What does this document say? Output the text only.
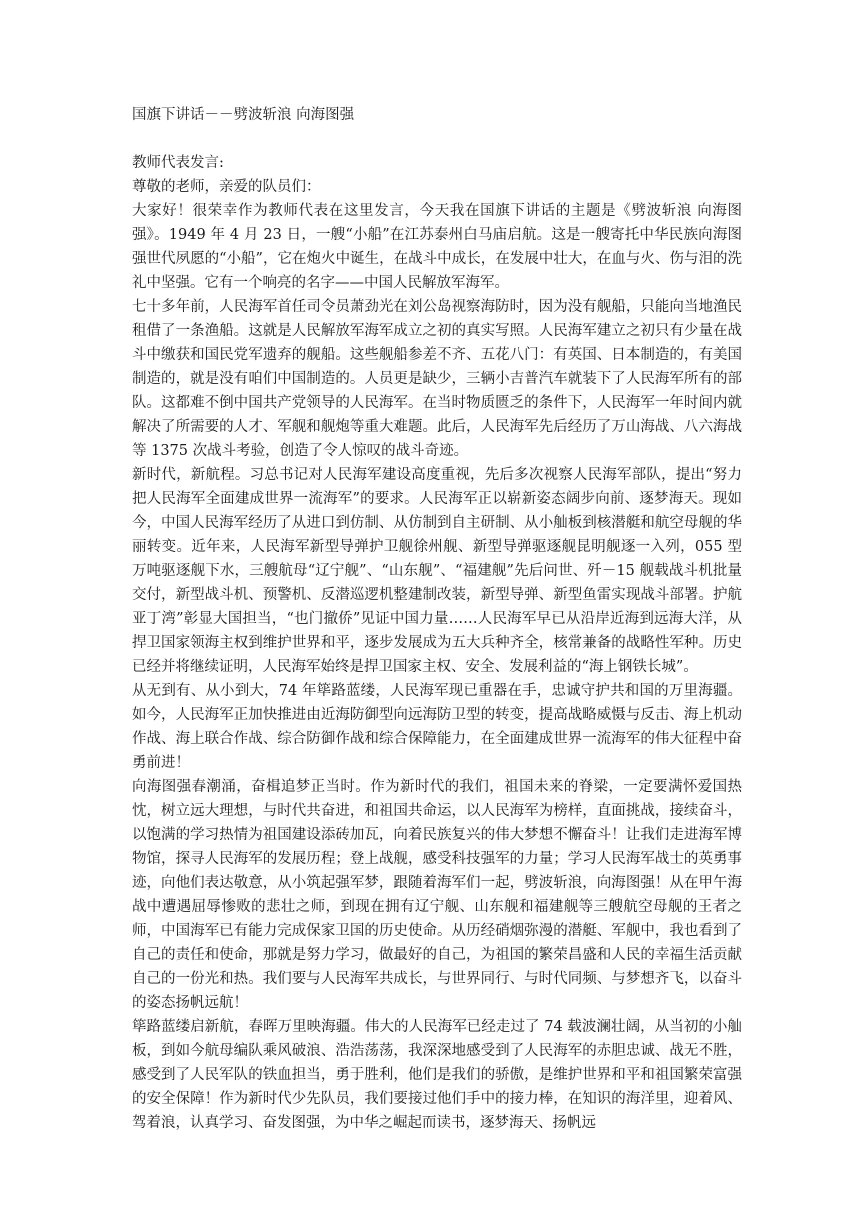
国旗下讲话－－劈波斩浪 向海图强

教师代表发言:

尊敬的老师，亲爱的队员们：

大家好！很荣幸作为教师代表在这里发言，今天我在国旗下讲话的主题是《劈波斩浪 向海图强》。1949 年 4 月 23 日，一艘“小船”在江苏泰州白马庙启航。这是一艘寄托中华民族向海图强世代夙愿的“小船”，它在炮火中诞生，在战斗中成长，在发展中壮大，在血与火、伤与泪的洗礼中坚强。它有一个响亮的名字——中国人民解放军海军。

七十多年前，人民海军首任司令员萧劲光在刘公岛视察海防时，因为没有舰船，只能向当地渔民租借了一条渔船。这就是人民解放军海军成立之初的真实写照。人民海军建立之初只有少量在战斗中缴获和国民党军遗弃的舰船。这些舰船参差不齐、五花八门：有英国、日本制造的，有美国制造的，就是没有咱们中国制造的。人员更是缺少，三辆小吉普汽车就装下了人民海军所有的部队。这都难不倒中国共产党领导的人民海军。在当时物质匮乏的条件下，人民海军一年时间内就解决了所需要的人才、军舰和舰炮等重大难题。此后，人民海军先后经历了万山海战、八六海战等 1375 次战斗考验，创造了令人惊叹的战斗奇迹。

新时代，新航程。习总书记对人民海军建设高度重视，先后多次视察人民海军部队，提出“努力把人民海军全面建成世界一流海军”的要求。人民海军正以崭新姿态阔步向前、逐梦海天。现如今，中国人民海军经历了从进口到仿制、从仿制到自主研制、从小舢板到核潜艇和航空母舰的华丽转变。近年来，人民海军新型导弹护卫舰徐州舰、新型导弹驱逐舰昆明舰逐一入列，055 型万吨驱逐舰下水，三艘航母“辽宁舰”、“山东舰”、“福建舰”先后问世、歼－15 舰载战斗机批量交付，新型战斗机、预警机、反潜巡逻机整建制改装，新型导弹、新型鱼雷实现战斗部署。护航亚丁湾”彰显大国担当，“也门撤侨”见证中国力量……人民海军早已从沿岸近海到远海大洋，从捍卫国家领海主权到维护世界和平，逐步发展成为五大兵种齐全，核常兼备的战略性军种。历史已经并将继续证明，人民海军始终是捍卫国家主权、安全、发展利益的“海上钢铁长城”。

从无到有、从小到大，74 年筚路蓝缕，人民海军现已重器在手，忠诚守护共和国的万里海疆。如今，人民海军正加快推进由近海防御型向远海防卫型的转变，提高战略威慑与反击、海上机动作战、海上联合作战、综合防御作战和综合保障能力，在全面建成世界一流海军的伟大征程中奋勇前进！

向海图强春潮涌，奋楫追梦正当时。作为新时代的我们，祖国未来的脊梁，一定要满怀爱国热忱，树立远大理想，与时代共奋进，和祖国共命运，以人民海军为榜样，直面挑战，接续奋斗，以饱满的学习热情为祖国建设添砖加瓦，向着民族复兴的伟大梦想不懈奋斗！让我们走进海军博物馆，探寻人民海军的发展历程；登上战舰，感受科技强军的力量；学习人民海军战士的英勇事迹，向他们表达敬意，从小筑起强军梦，跟随着海军们一起，劈波斩浪，向海图强！从在甲午海战中遭遇屈辱惨败的悲壮之师，到现在拥有辽宁舰、山东舰和福建舰等三艘航空母舰的王者之师，中国海军已有能力完成保家卫国的历史使命。从历经硝烟弥漫的潜艇、军舰中，我也看到了自己的责任和使命，那就是努力学习，做最好的自己，为祖国的繁荣昌盛和人民的幸福生活贡献自己的一份光和热。我们要与人民海军共成长，与世界同行、与时代同频、与梦想齐飞，以奋斗的姿态扬帆远航！

筚路蓝缕启新航，春晖万里映海疆。伟大的人民海军已经走过了 74 载波澜壮阔，从当初的小舢板，到如今航母编队乘风破浪、浩浩荡荡，我深深地感受到了人民海军的赤胆忠诚、战无不胜，感受到了人民军队的铁血担当，勇于胜利，他们是我们的骄傲，是维护世界和平和祖国繁荣富强的安全保障！作为新时代少先队员，我们要接过他们手中的接力棒，在知识的海洋里，迎着风、驾着浪，认真学习、奋发图强，为中华之崛起而读书，逐梦海天、扬帆远
